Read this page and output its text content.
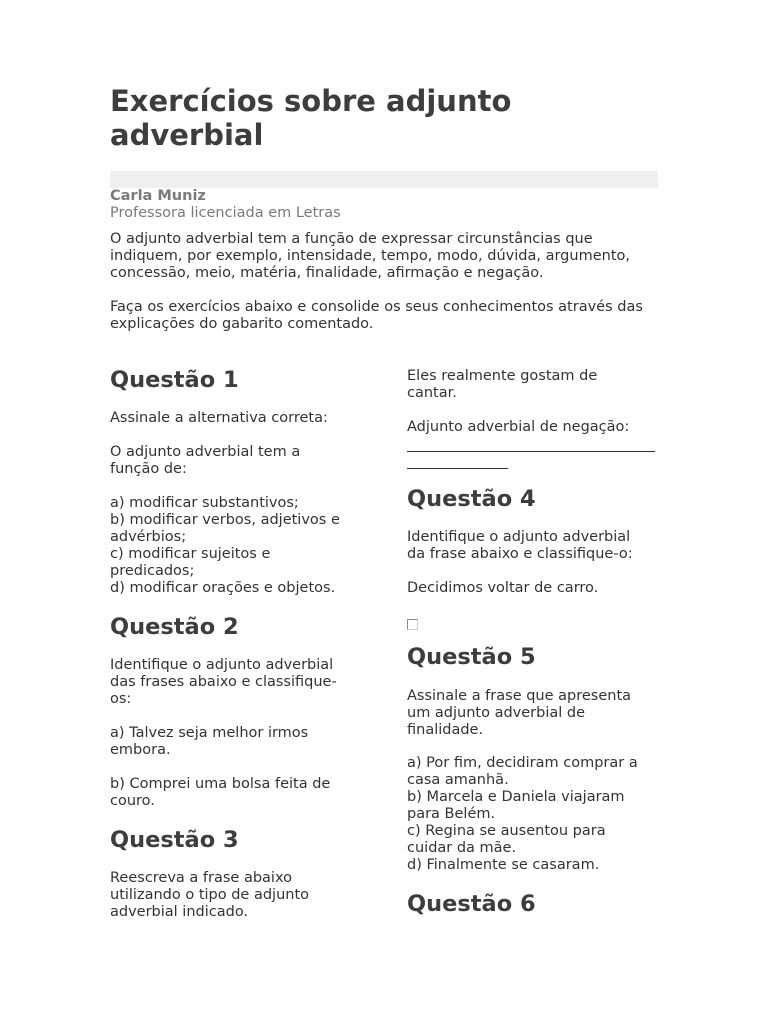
Exercícios sobre adjunto adverbial
Carla Muniz
Professora licenciada em Letras

O adjunto adverbial tem a função de expressar circunstâncias que indiquem, por exemplo, intensidade, tempo, modo, dúvida, argumento, concessão, meio, matéria, finalidade, afirmação e negação.

Faça os exercícios abaixo e consolide os seus conhecimentos através das explicações do gabarito comentado.

Questão 1
Assinale a alternativa correta:
O adjunto adverbial tem a
função de:
a) modificar substantivos;
b) modificar verbos, adjetivos e
advérbios;
c) modificar sujeitos e
predicados;
d) modificar orações e objetos.
Questão 2
Identifique o adjunto adverbial
das frases abaixo e classifique-
os:
a) Talvez seja melhor irmos
embora.
b) Comprei uma bolsa feita de
couro.
Questão 3
Reescreva a frase abaixo
utilizando o tipo de adjunto
adverbial indicado.
Eles realmente gostam de
cantar.
Adjunto adverbial de negação:
Questão 4
Identifique o adjunto adverbial
da frase abaixo e classifique-o:
Decidimos voltar de carro.
Questão 5
Assinale a frase que apresenta
um adjunto adverbial de
finalidade.
a) Por fim, decidiram comprar a
casa amanhã.
b) Marcela e Daniela viajaram
para Belém.
c) Regina se ausentou para
cuidar da mãe.
d) Finalmente se casaram.
Questão 6
